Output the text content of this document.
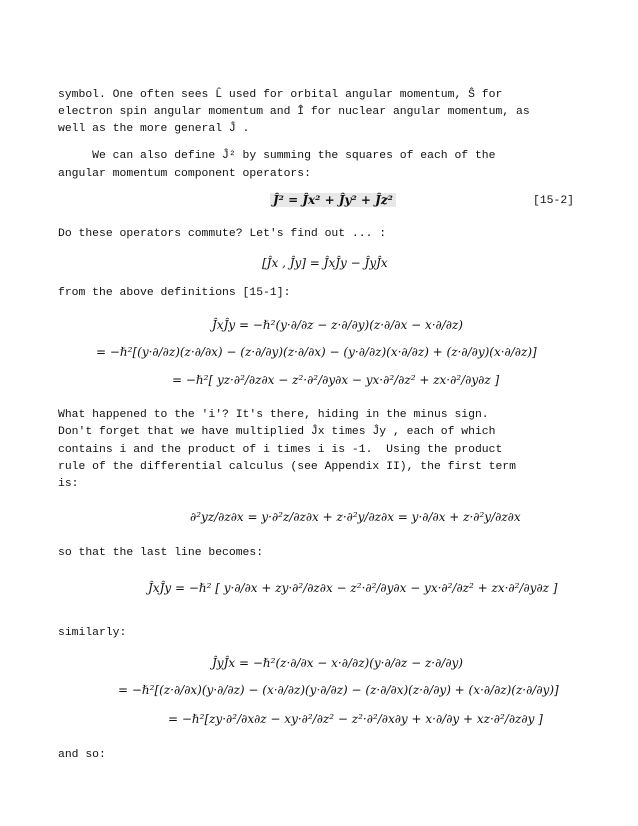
symbol. One often sees L̂ used for orbital angular momentum, Ŝ for

electron spin angular momentum and Î for nuclear angular momentum, as

well as the more general Ĵ .

We can also define Ĵ² by summing the squares of each of the

angular momentum component operators:

Ĵ² = Ĵx² + Ĵy² + Ĵz²	[15-2]

Do these operators commute? Let's find out ... :

[Ĵx , Ĵy] = ĴxĴy − ĴyĴx

from the above definitions [15-1]:

ĴxĴy = −ℏ²(y·∂/∂z − z·∂/∂y)(z·∂/∂x − x·∂/∂z)
= −ℏ²[(y·∂/∂z)(z·∂/∂x) − (z·∂/∂y)(z·∂/∂x) − (y·∂/∂z)(x·∂/∂z) + (z·∂/∂y)(x·∂/∂z)]
= −ℏ²[ yz·∂²/∂z∂x − z²·∂²/∂y∂x − yx·∂²/∂z² + zx·∂²/∂y∂z ]

What happened to the 'i'? It's there, hiding in the minus sign.

Don't forget that we have multiplied Ĵx times Ĵy , each of which

contains i and the product of i times i is -1.  Using the product

rule of the differential calculus (see Appendix II), the first term

is:

∂²yz/∂z∂x = y·∂²z/∂z∂x + z·∂²y/∂z∂x = y·∂/∂x + z·∂²y/∂z∂x

so that the last line becomes:

ĴxĴy = −ℏ² [ y·∂/∂x + zy·∂²/∂z∂x − z²·∂²/∂y∂x − yx·∂²/∂z² + zx·∂²/∂y∂z ]

similarly:

ĴyĴx = −ℏ²(z·∂/∂x − x·∂/∂z)(y·∂/∂z − z·∂/∂y)
= −ℏ²[(z·∂/∂x)(y·∂/∂z) − (x·∂/∂z)(y·∂/∂z) − (z·∂/∂x)(z·∂/∂y) + (x·∂/∂z)(z·∂/∂y)]
= −ℏ²[zy·∂²/∂x∂z − xy·∂²/∂z² − z²·∂²/∂x∂y + x·∂/∂y + xz·∂²/∂z∂y ]

and so:
